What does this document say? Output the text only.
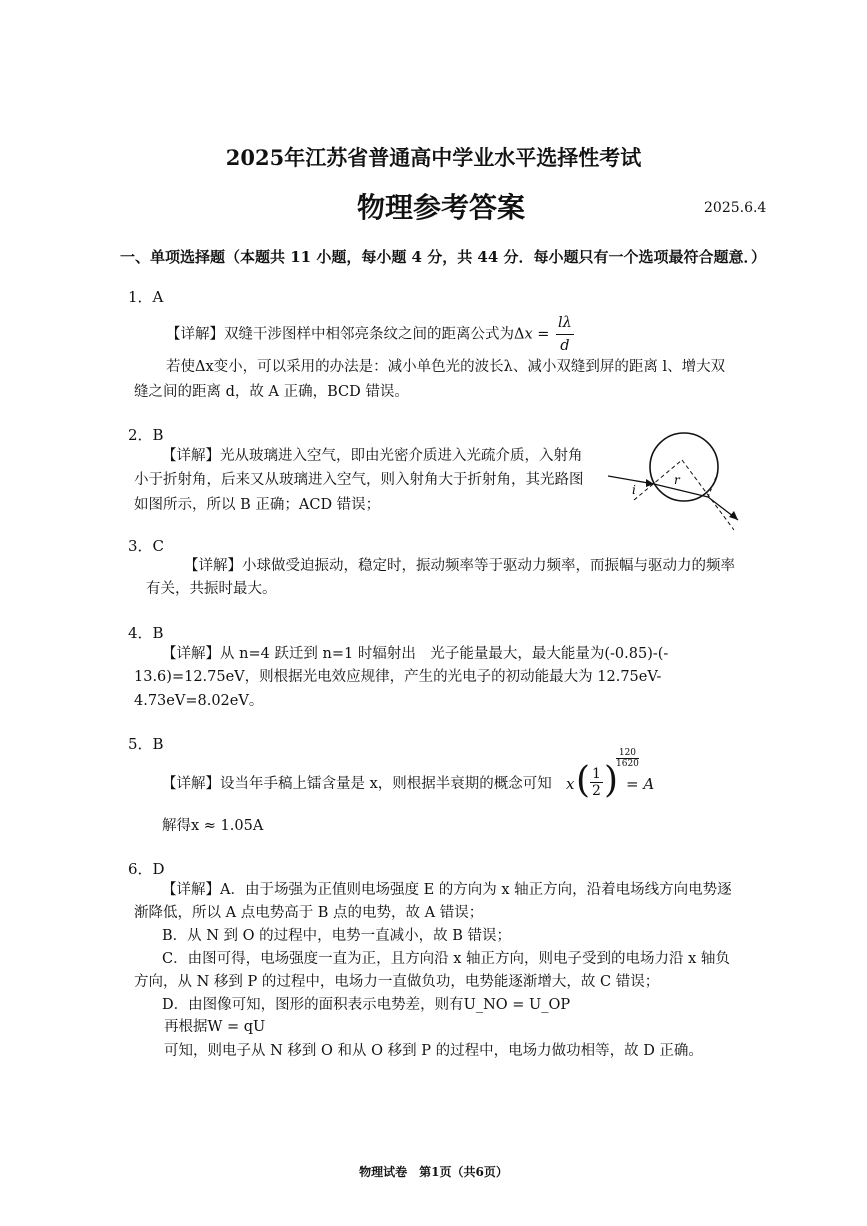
2025年江苏省普通高中学业水平选择性考试
物理参考答案	2025.6.4
一、单项选择题（本题共 11 小题，每小题 4 分，共 44 分．每小题只有一个选项最符合题意．）
1．A
【详解】双缝干涉图样中相邻亮条纹之间的距离公式为$\Delta x = \frac{l\lambda}{d}$
若使Δx变小，可以采用的办法是：减小单色光的波长λ、减小双缝到屏的距离 l、增大双
缝之间的距离 d，故 A 正确，BCD 错误。
2．B
【详解】光从玻璃进入空气，即由光密介质进入光疏介质，入射角
小于折射角，后来又从玻璃进入空气，则入射角大于折射角，其光路图
如图所示，所以 B 正确；ACD 错误；
i
r
3．C
【详解】小球做受迫振动，稳定时，振动频率等于驱动力频率，而振幅与驱动力的频率
有关，共振时最大。
4．B
【详解】从 n=4 跃迁到 n=1 时辐射出　光子能量最大，最大能量为(-0.85)-(-
13.6)=12.75eV，则根据光电效应规律，产生的光电子的初动能最大为 12.75eV-
4.73eV=8.02eV。
5．B
【详解】设当年手稿上镭含量是 x，则根据半衰期的概念可知 x ( $\frac{1}{2}$ )
$\frac{120}{1620}$
= A
解得x ≈ 1.05A
6．D
【详解】A．由于场强为正值则电场强度 E 的方向为 x 轴正方向，沿着电场线方向电势逐
渐降低，所以 A 点电势高于 B 点的电势，故 A 错误；
B．从 N 到 O 的过程中，电势一直减小，故 B 错误；
C．由图可得，电场强度一直为正，且方向沿 x 轴正方向，则电子受到的电场力沿 x 轴负
方向，从 N 移到 P 的过程中，电场力一直做负功，电势能逐渐增大，故 C 错误；
D．由图像可知，图形的面积表示电势差，则有U_NO = U_OP
再根据W = qU
可知，则电子从 N 移到 O 和从 O 移到 P 的过程中，电场力做功相等，故 D 正确。
物理试卷　第1页（共6页）
